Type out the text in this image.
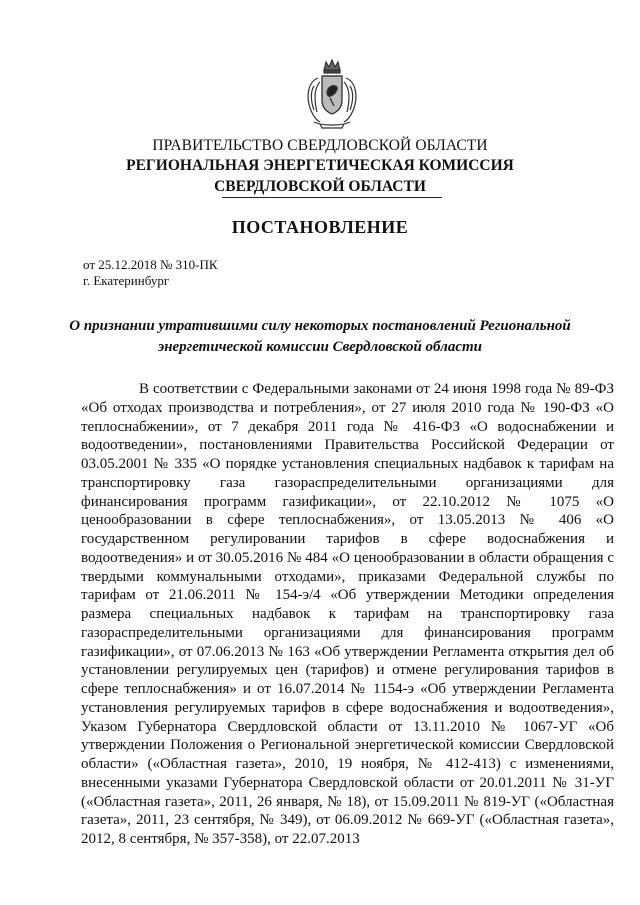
ПРАВИТЕЛЬСТВО СВЕРДЛОВСКОЙ ОБЛАСТИ
РЕГИОНАЛЬНАЯ ЭНЕРГЕТИЧЕСКАЯ КОМИССИЯ
СВЕРДЛОВСКОЙ ОБЛАСТИ
ПОСТАНОВЛЕНИЕ
от 25.12.2018 № 310-ПК
г. Екатеринбург
О признании утратившими силу некоторых постановлений Региональной
энергетической комиссии Свердловской области
В соответствии с Федеральными законами от 24 июня 1998 года № 89-ФЗ «Об отходах производства и потребления», от 27 июля 2010 года № 190-ФЗ «О теплоснабжении», от 7 декабря 2011 года № 416-ФЗ «О водоснабжении и водоотведении», постановлениями Правительства Российской Федерации от 03.05.2001 № 335 «О порядке установления специальных надбавок к тарифам на транспортировку газа газораспределительными организациями для финансирования программ газификации», от 22.10.2012 № 1075 «О ценообразовании в сфере теплоснабжения», от 13.05.2013 № 406 «О государственном регулировании тарифов в сфере водоснабжения и водоотведения» и от 30.05.2016 № 484 «О ценообразовании в области обращения с твердыми коммунальными отходами», приказами Федеральной службы по тарифам от 21.06.2011 № 154-э/4 «Об утверждении Методики определения размера специальных надбавок к тарифам на транспортировку газа газораспределительными организациями для финансирования программ газификации», от 07.06.2013 № 163 «Об утверждении Регламента открытия дел об установлении регулируемых цен (тарифов) и отмене регулирования тарифов в сфере теплоснабжения» и от 16.07.2014 № 1154-э «Об утверждении Регламента установления регулируемых тарифов в сфере водоснабжения и водоотведения», Указом Губернатора Свердловской области от 13.11.2010 № 1067-УГ «Об утверждении Положения о Региональной энергетической комиссии Свердловской области» («Областная газета», 2010, 19 ноября, № 412-413) с изменениями, внесенными указами Губернатора Свердловской области от 20.01.2011 № 31-УГ («Областная газета», 2011, 26 января, № 18), от 15.09.2011 № 819-УГ («Областная газета», 2011, 23 сентября, № 349), от 06.09.2012 № 669-УГ («Областная газета», 2012, 8 сентября, № 357-358), от 22.07.2013
